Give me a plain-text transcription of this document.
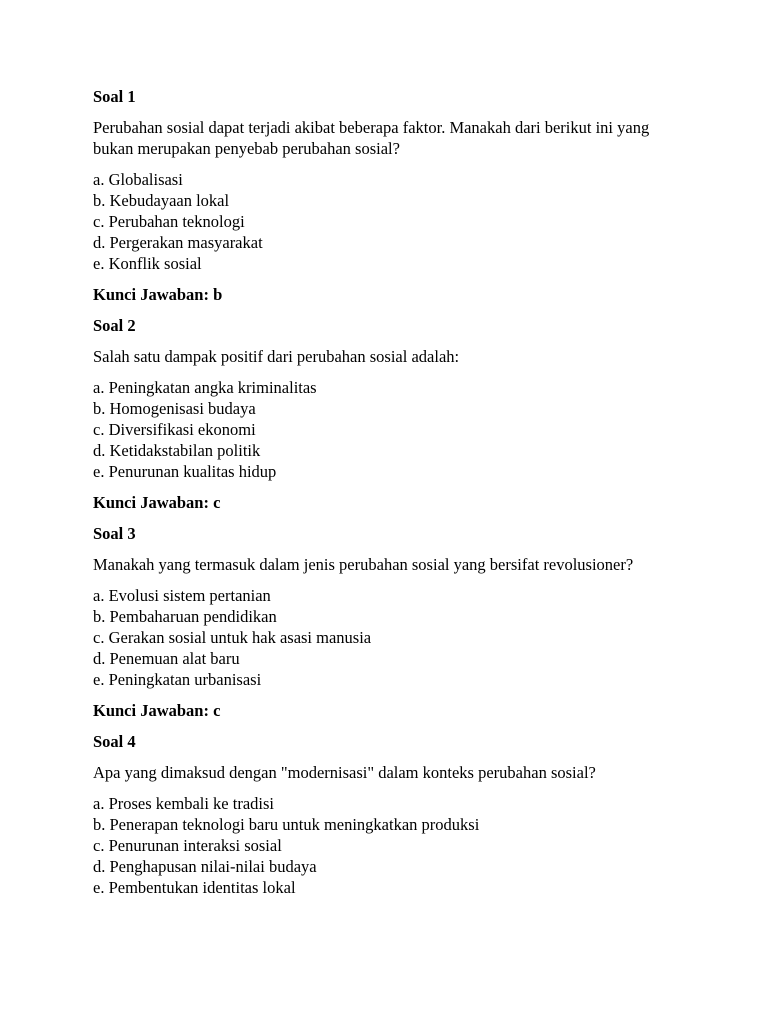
Soal 1

Perubahan sosial dapat terjadi akibat beberapa faktor. Manakah dari berikut ini yang bukan merupakan penyebab perubahan sosial?

a. Globalisasi
b. Kebudayaan lokal
c. Perubahan teknologi
d. Pergerakan masyarakat
e. Konflik sosial

Kunci Jawaban: b

Soal 2

Salah satu dampak positif dari perubahan sosial adalah:

a. Peningkatan angka kriminalitas
b. Homogenisasi budaya
c. Diversifikasi ekonomi
d. Ketidakstabilan politik
e. Penurunan kualitas hidup

Kunci Jawaban: c

Soal 3

Manakah yang termasuk dalam jenis perubahan sosial yang bersifat revolusioner?

a. Evolusi sistem pertanian
b. Pembaharuan pendidikan
c. Gerakan sosial untuk hak asasi manusia
d. Penemuan alat baru
e. Peningkatan urbanisasi

Kunci Jawaban: c

Soal 4

Apa yang dimaksud dengan "modernisasi" dalam konteks perubahan sosial?

a. Proses kembali ke tradisi
b. Penerapan teknologi baru untuk meningkatkan produksi
c. Penurunan interaksi sosial
d. Penghapusan nilai-nilai budaya
e. Pembentukan identitas lokal
